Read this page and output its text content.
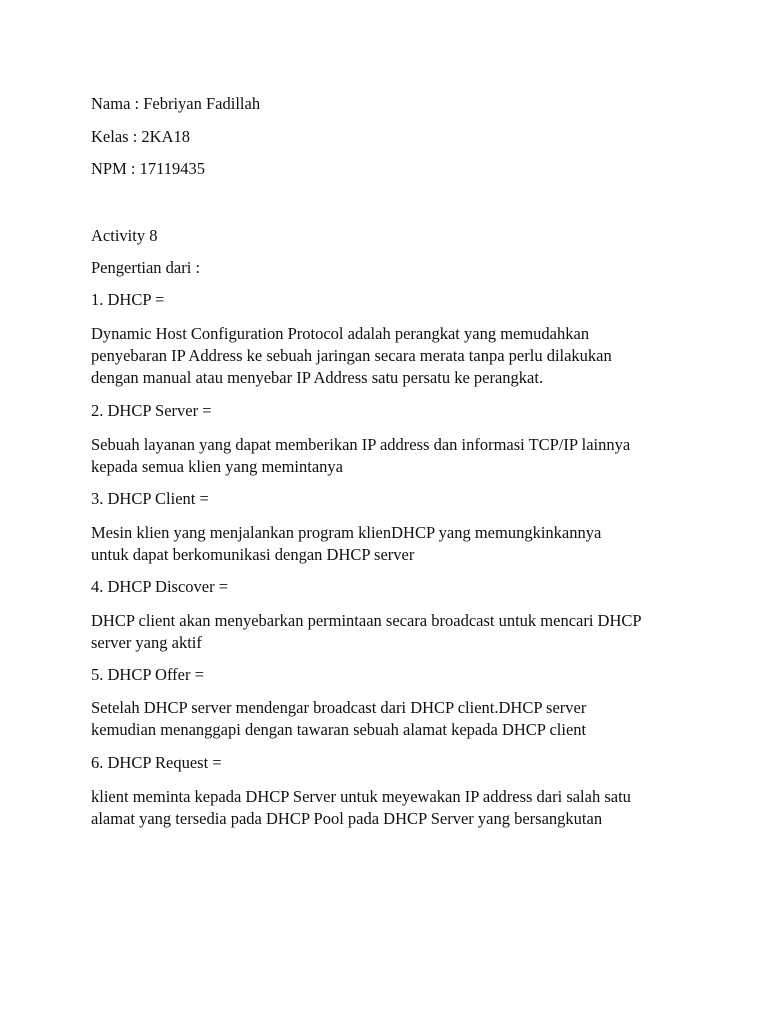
Nama : Febriyan Fadillah

Kelas : 2KA18

NPM : 17119435

Activity 8

Pengertian dari :

1. DHCP =

Dynamic Host Configuration Protocol adalah perangkat yang memudahkan
penyebaran IP Address ke sebuah jaringan secara merata tanpa perlu dilakukan
dengan manual atau menyebar IP Address satu persatu ke perangkat.

2. DHCP Server =

Sebuah layanan yang dapat memberikan IP address dan informasi TCP/IP lainnya
kepada semua klien yang memintanya

3. DHCP Client =

Mesin klien yang menjalankan program klienDHCP yang memungkinkannya
untuk dapat berkomunikasi dengan DHCP server

4. DHCP Discover =

DHCP client akan menyebarkan permintaan secara broadcast untuk mencari DHCP
server yang aktif

5. DHCP Offer =

Setelah DHCP server mendengar broadcast dari DHCP client.DHCP server
kemudian menanggapi dengan tawaran sebuah alamat kepada DHCP client

6. DHCP Request =

klient meminta kepada DHCP Server untuk meyewakan IP address dari salah satu
alamat yang tersedia pada DHCP Pool pada DHCP Server yang bersangkutan
